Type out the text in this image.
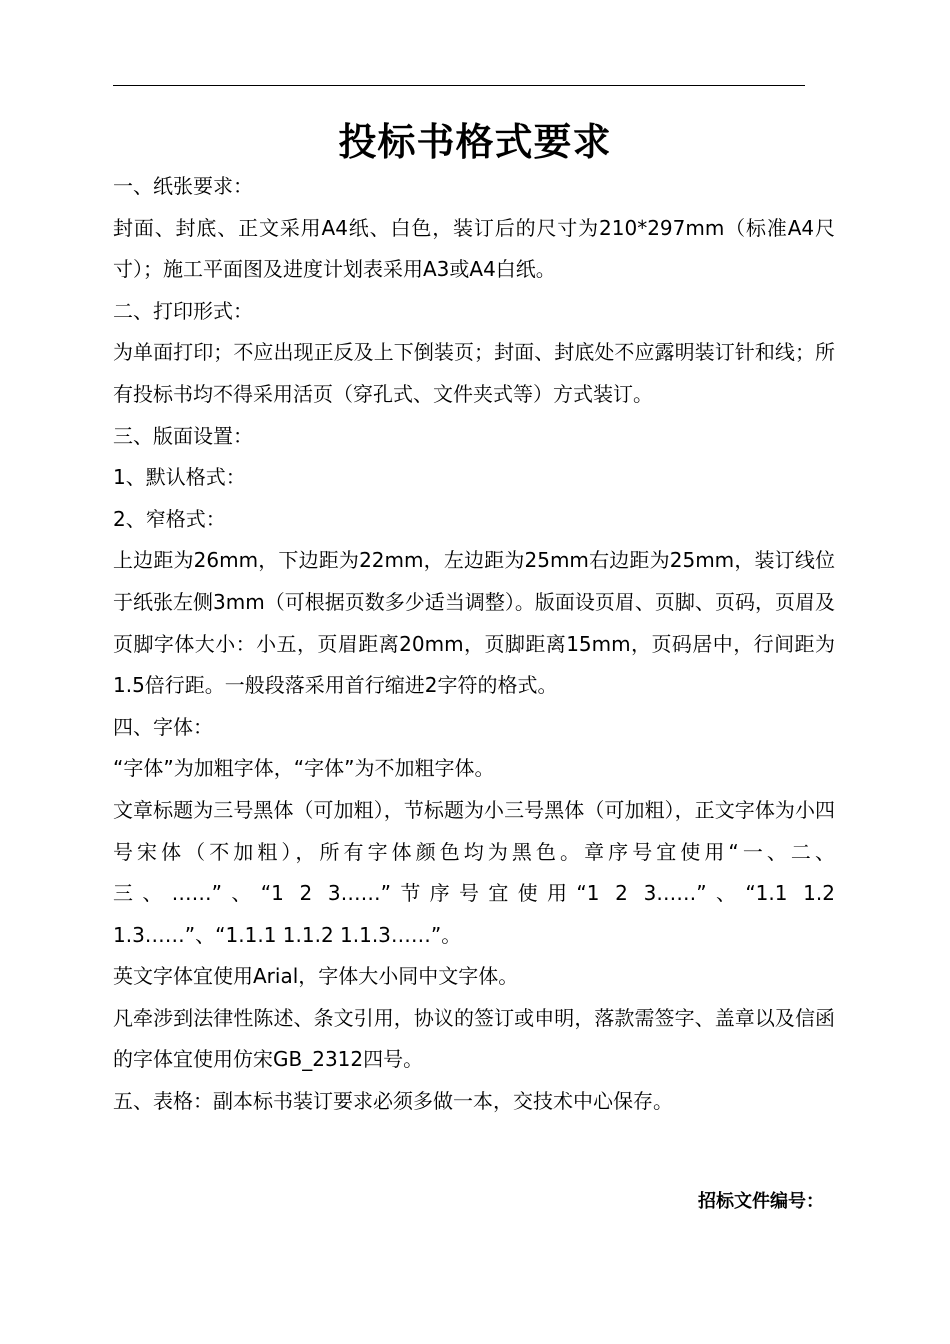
投标书格式要求

一、纸张要求：

封面、封底、正文采用A4纸、白色，装订后的尺寸为210*297mm（标准A4尺寸）；施工平面图及进度计划表采用A3或A4白纸。

二、打印形式：

为单面打印；不应出现正反及上下倒装页；封面、封底处不应露明装订针和线；所有投标书均不得采用活页（穿孔式、文件夹式等）方式装订。

三、版面设置：

1、默认格式：

2、窄格式：

上边距为26mm，下边距为22mm，左边距为25mm右边距为25mm，装订线位于纸张左侧3mm（可根据页数多少适当调整）。版面设页眉、页脚、页码，页眉及页脚字体大小：小五，页眉距离20mm，页脚距离15mm，页码居中，行间距为1.5倍行距。一般段落采用首行缩进2字符的格式。

四、字体：

“字体”为加粗字体，“字体”为不加粗字体。

文章标题为三号黑体（可加粗），节标题为小三号黑体（可加粗），正文字体为小四号宋体（不加粗），所有字体颜色均为黑色。章序号宜使用“一、二、三、……”、“1 2 3……”节序号宜使用“1 2 3……”、“1.1 1.2 1.3……”、“1.1.1 1.1.2 1.1.3……”。

英文字体宜使用Arial，字体大小同中文字体。

凡牵涉到法律性陈述、条文引用，协议的签订或申明，落款需签字、盖章以及信函的字体宜使用仿宋GB_2312四号。

五、表格：副本标书装订要求必须多做一本，交技术中心保存。

招标文件编号：
